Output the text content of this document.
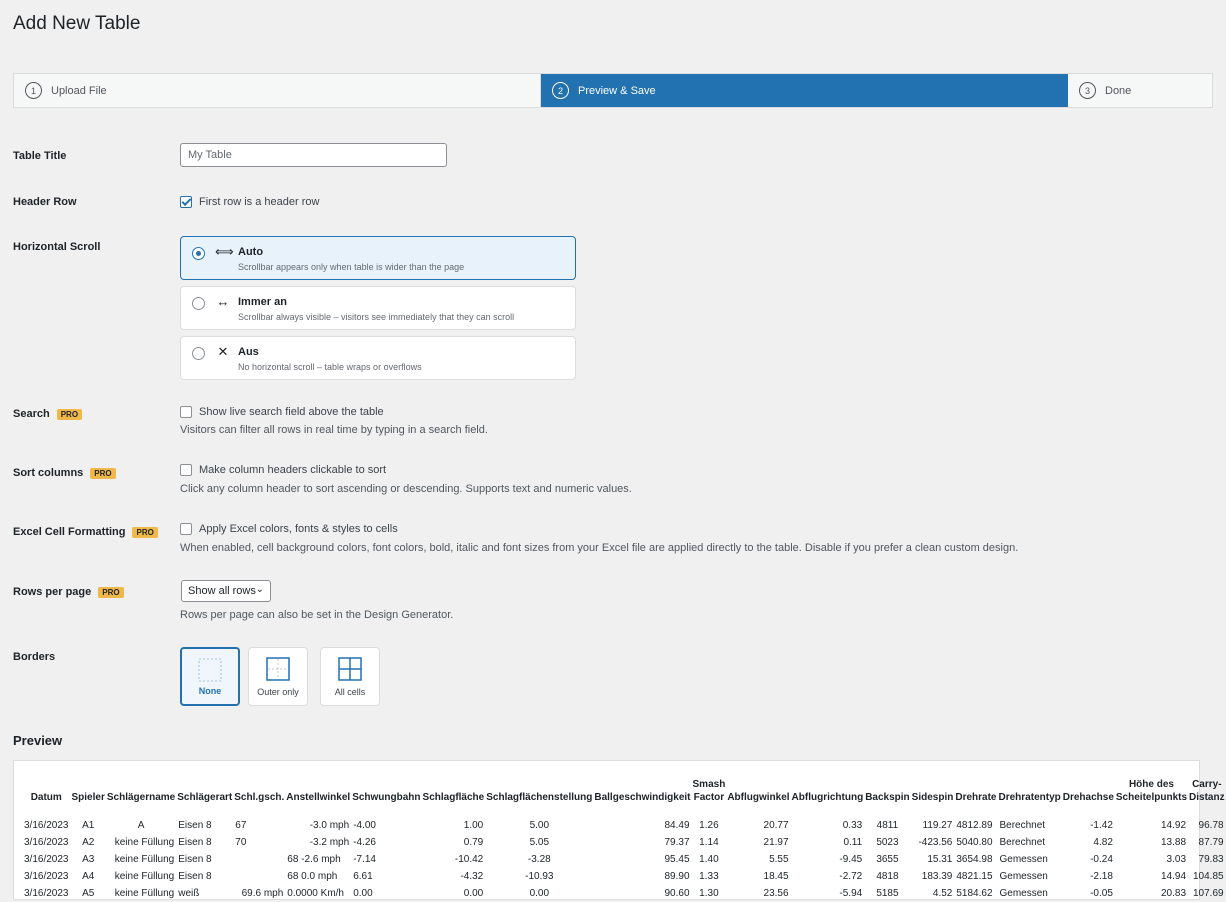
Add New Table
1	Upload File	2	Preview & Save	3	Done
Table Title
My Table
Header Row	First row is a header row
Horizontal Scroll	⟺ Auto
Scrollbar appears only when table is wider than the page
↔ Immer an
Scrollbar always visible – visitors see immediately that they can scroll
✕ Aus
No horizontal scroll – table wraps or overflows
Search	PRO	Show live search field above the table
Visitors can filter all rows in real time by typing in a search field.
Sort columns	PRO	Make column headers clickable to sort
Click any column header to sort ascending or descending. Supports text and numeric values.
Excel Cell Formatting	PRO	Apply Excel colors, fonts & styles to cells
When enabled, cell background colors, font colors, bold, italic and font sizes from your Excel file are applied directly to the table. Disable if you prefer a clean custom design.
Rows per page	PRO	Show all rows ⌄
Rows per page can also be set in the Design Generator.
Borders
None	Outer only	All cells
Preview
Datum	Spieler	Schlägername	Schlägerart	Schl.gsch.	Anstellwinkel	Schwungbahn	Schlagfläche	Schlagflächenstellung	Ballgeschwindigkeit	Smash Factor	Abflugwinkel	Abflugrichtung	Backspin	Sidespin	Drehrate	Drehratentyp	Drehachse	Höhe des Scheitelpunkts	Carry-Distanz
3/16/2023	A1	A	Eisen 8	67	-3.0 mph	-4.00	1.00	5.00	84.49	1.26	20.77	0.33	4811	119.27	4812.89	Berechnet	-1.42	14.92	96.78
3/16/2023	A2	keine Füllung	Eisen 8	70	-3.2 mph	-4.26	0.79	5.05	79.37	1.14	21.97	0.11	5023	-423.56	5040.80	Berechnet	4.82	13.88	87.79
3/16/2023	A3	keine Füllung	Eisen 8		68 -2.6 mph	-7.14	-10.42	-3.28	95.45	1.40	5.55	-9.45	3655	15.31	3654.98	Gemessen	-0.24	3.03	79.83
3/16/2023	A4	keine Füllung	Eisen 8		68 0.0 mph	6.61	-4.32	-10.93	89.90	1.33	18.45	-2.72	4818	183.39	4821.15	Gemessen	-2.18	14.94	104.85
3/16/2023	A5	keine Füllung	weiß	69.6 mph	0.0000 Km/h	0.00	0.00	0.00	90.60	1.30	23.56	-5.94	5185	4.52	5184.62	Gemessen	-0.05	20.83	107.69
